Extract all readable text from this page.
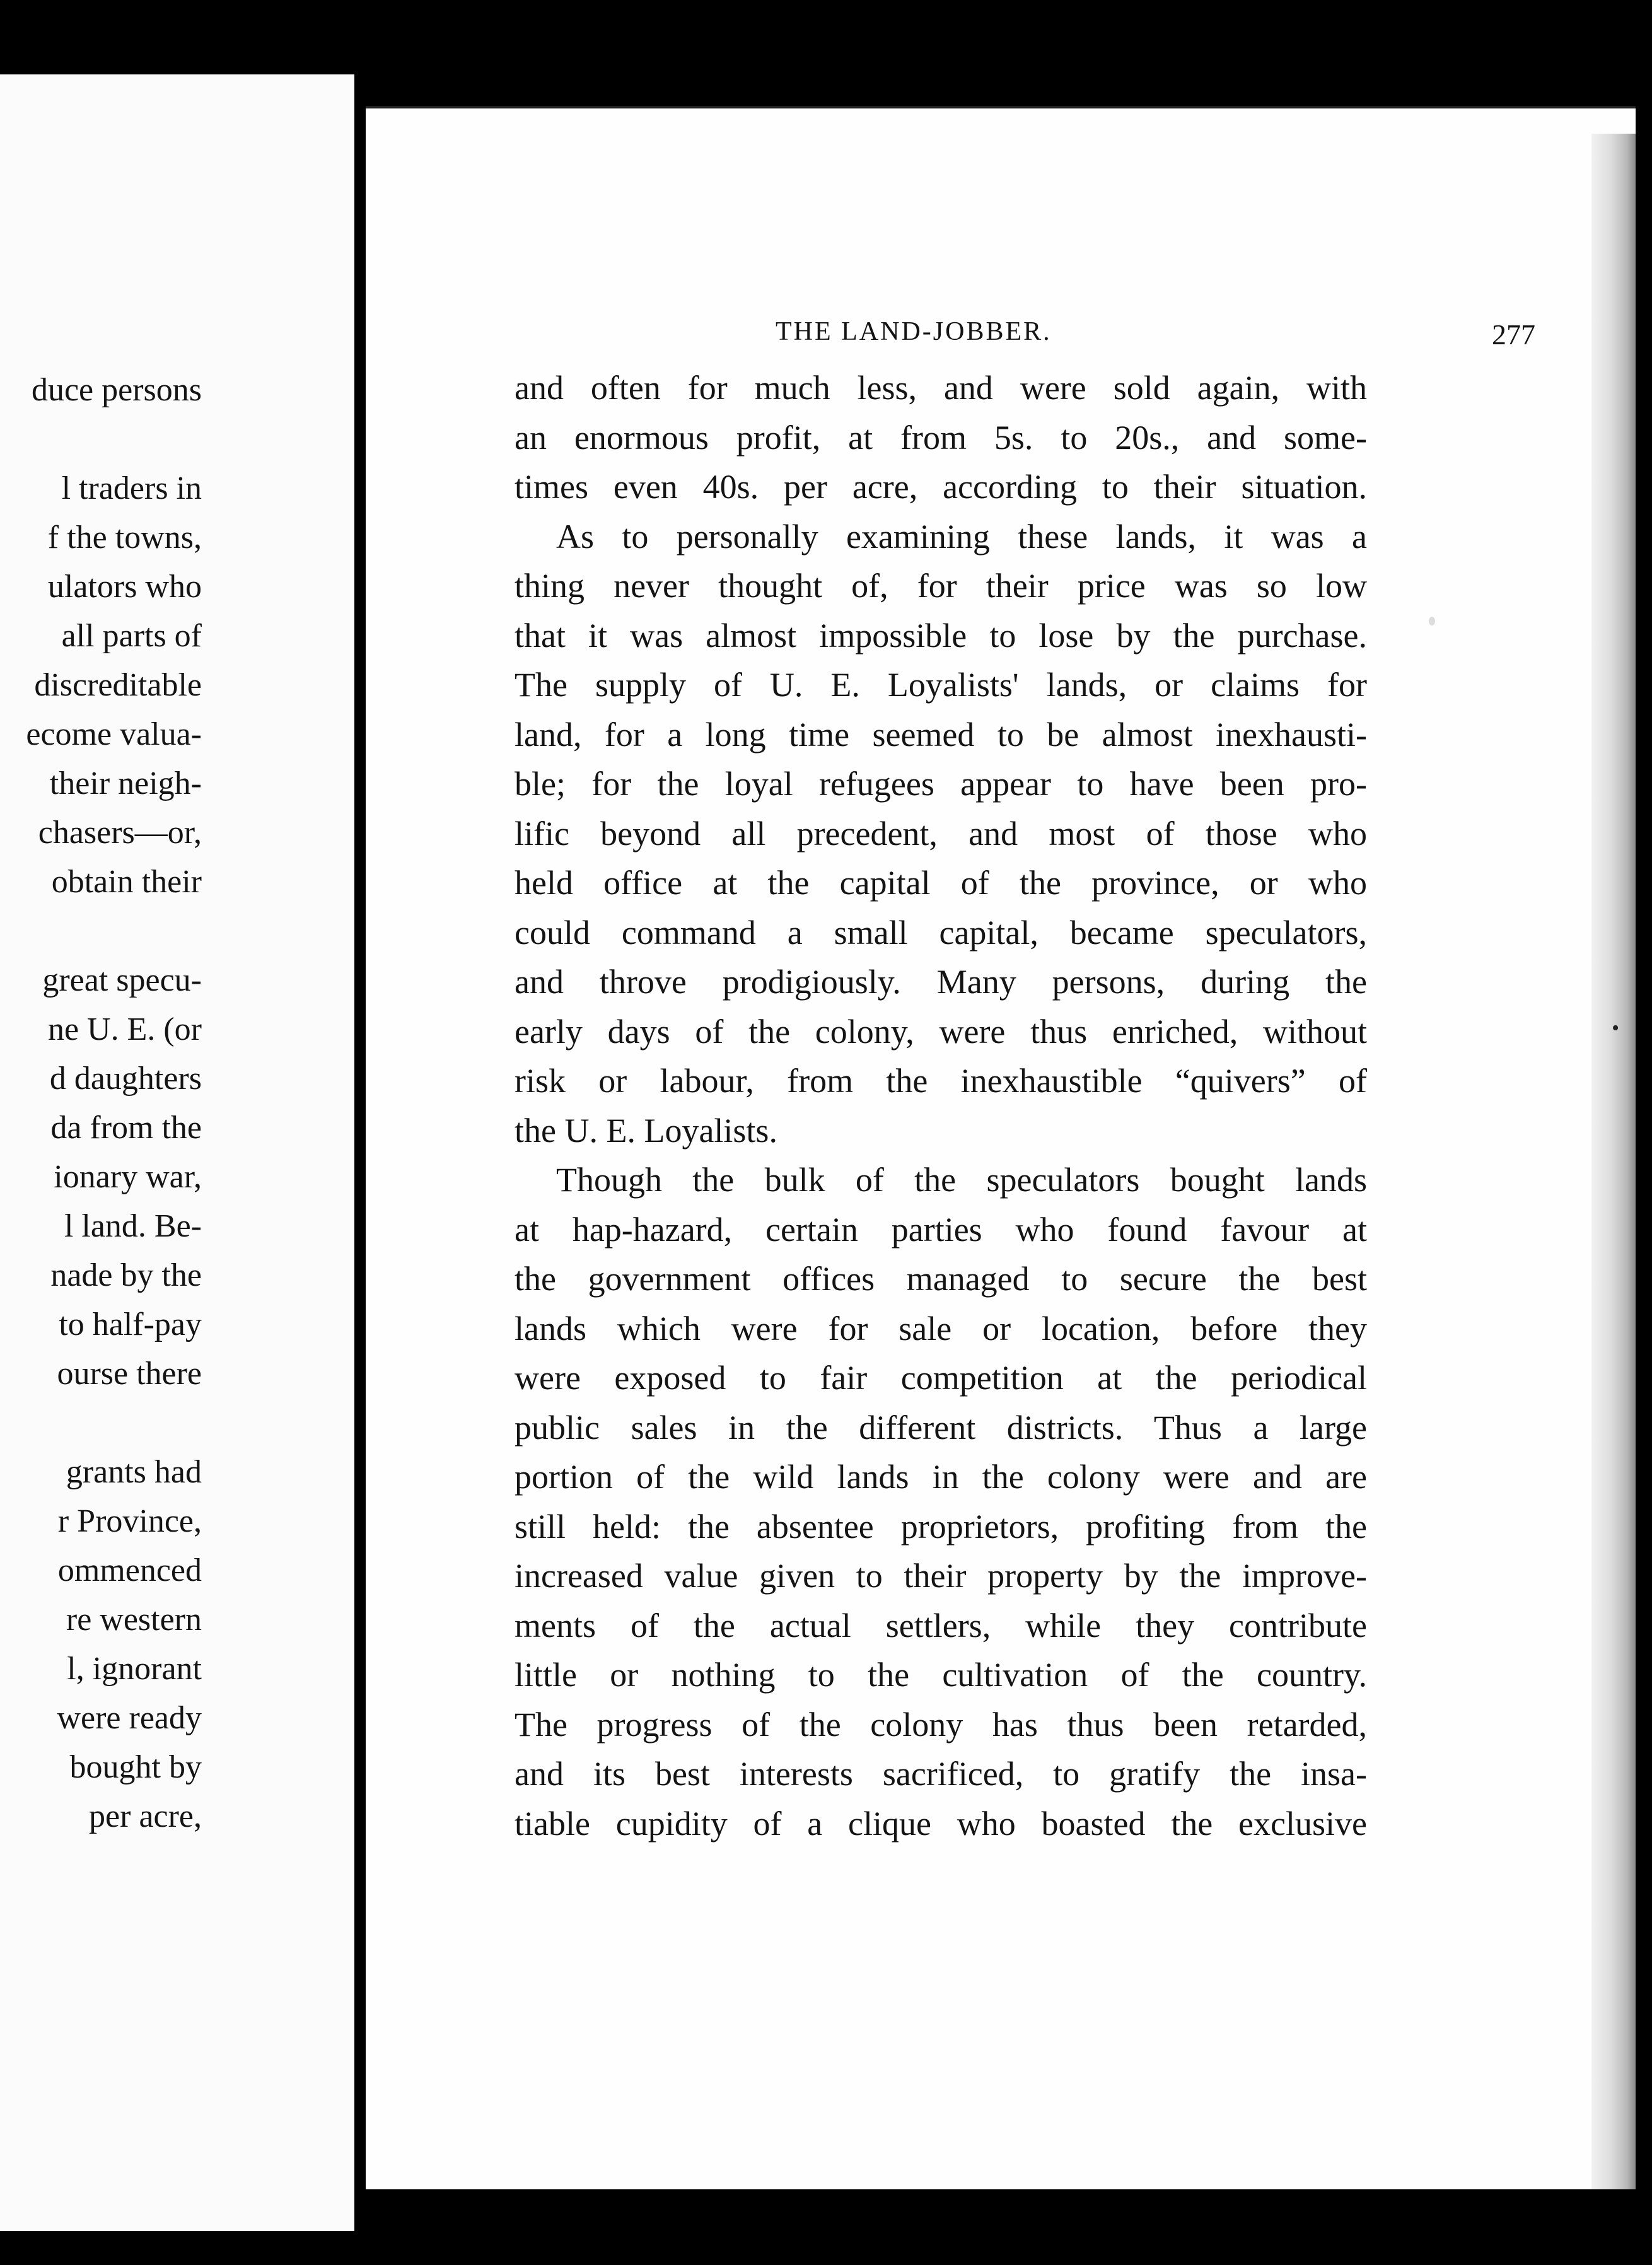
duce persons
l traders in
f the towns,
ulators who
all parts of
discreditable
ecome valua-
their neigh-
chasers—or,
obtain their
great specu-
ne U. E. (or
d daughters
da from the
ionary war,
l land. Be-
nade by the
to half-pay
ourse there
grants had
r Province,
ommenced
re western
l, ignorant
were ready
bought by
per acre,
•
THE LAND-JOBBER.	277
and often for much less, and were sold again, with
an enormous profit, at from 5s. to 20s., and some-
times even 40s. per acre, according to their situation.
As to personally examining these lands, it was a
thing never thought of, for their price was so low
that it was almost impossible to lose by the purchase.
The supply of U. E. Loyalists' lands, or claims for
land, for a long time seemed to be almost inexhausti-
ble; for the loyal refugees appear to have been pro-
lific beyond all precedent, and most of those who
held office at the capital of the province, or who
could command a small capital, became speculators,
and throve prodigiously. Many persons, during the
early days of the colony, were thus enriched, without
risk or labour, from the inexhaustible “quivers” of
the U. E. Loyalists.
Though the bulk of the speculators bought lands
at hap-hazard, certain parties who found favour at
the government offices managed to secure the best
lands which were for sale or location, before they
were exposed to fair competition at the periodical
public sales in the different districts. Thus a large
portion of the wild lands in the colony were and are
still held: the absentee proprietors, profiting from the
increased value given to their property by the improve-
ments of the actual settlers, while they contribute
little or nothing to the cultivation of the country.
The progress of the colony has thus been retarded,
and its best interests sacrificed, to gratify the insa-
tiable cupidity of a clique who boasted the exclusive
